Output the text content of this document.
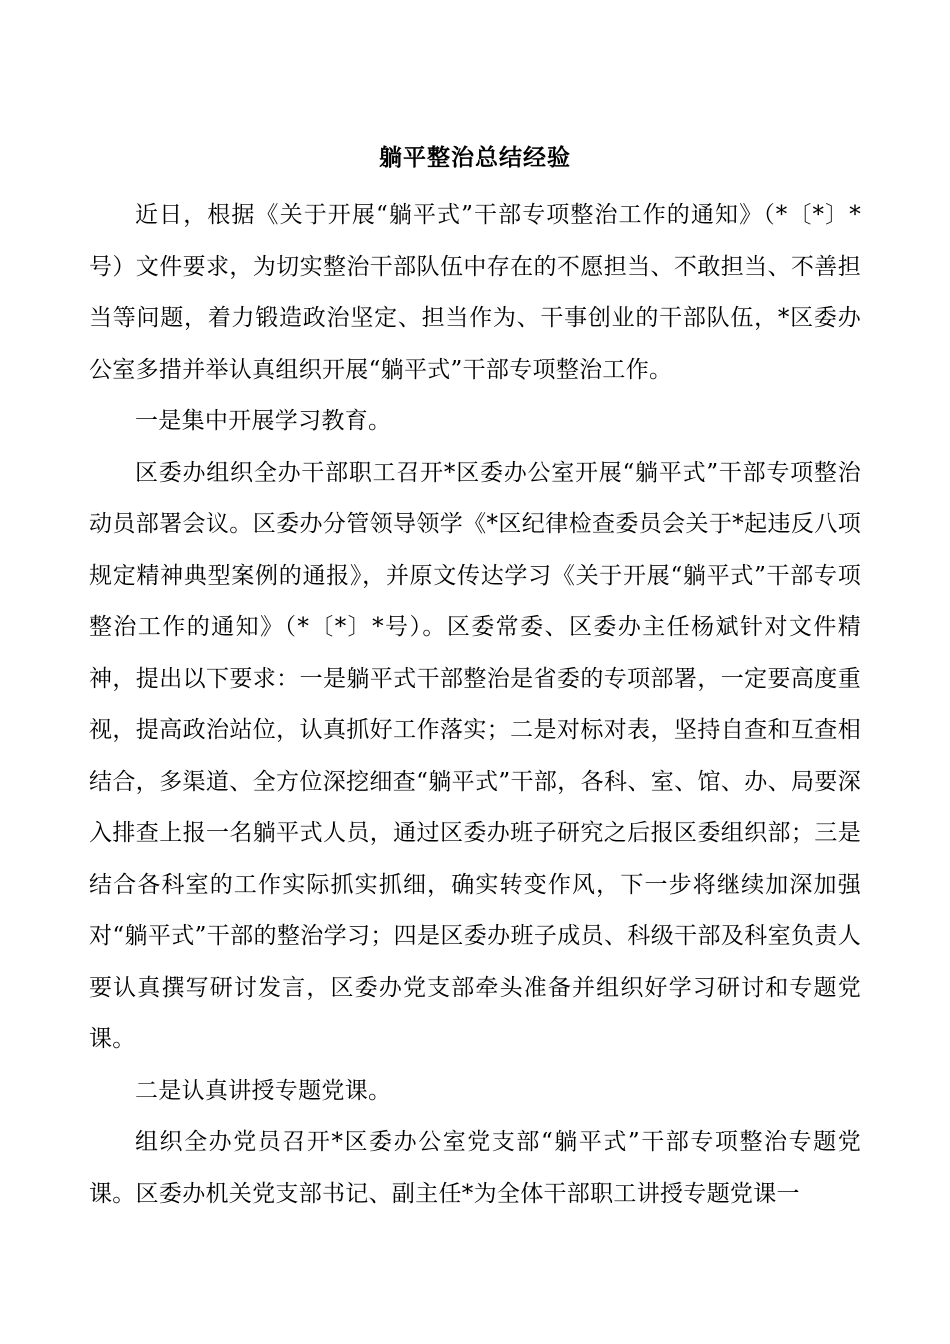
躺平整治总结经验

近日，根据《关于开展“躺平式”干部专项整治工作的通知》（*〔*〕*号）文件要求，为切实整治干部队伍中存在的不愿担当、不敢担当、不善担当等问题，着力锻造政治坚定、担当作为、干事创业的干部队伍，*区委办公室多措并举认真组织开展“躺平式”干部专项整治工作。

一是集中开展学习教育。

区委办组织全办干部职工召开*区委办公室开展“躺平式”干部专项整治动员部署会议。区委办分管领导领学《*区纪律检查委员会关于*起违反八项规定精神典型案例的通报》，并原文传达学习《关于开展“躺平式”干部专项整治工作的通知》（*〔*〕*号）。区委常委、区委办主任杨斌针对文件精神，提出以下要求：一是躺平式干部整治是省委的专项部署，一定要高度重视，提高政治站位，认真抓好工作落实；二是对标对表，坚持自查和互查相结合，多渠道、全方位深挖细查“躺平式”干部，各科、室、馆、办、局要深入排查上报一名躺平式人员，通过区委办班子研究之后报区委组织部；三是结合各科室的工作实际抓实抓细，确实转变作风，下一步将继续加深加强对“躺平式”干部的整治学习；四是区委办班子成员、科级干部及科室负责人要认真撰写研讨发言，区委办党支部牵头准备并组织好学习研讨和专题党课。

二是认真讲授专题党课。

组织全办党员召开*区委办公室党支部“躺平式”干部专项整治专题党课。区委办机关党支部书记、副主任*为全体干部职工讲授专题党课一
